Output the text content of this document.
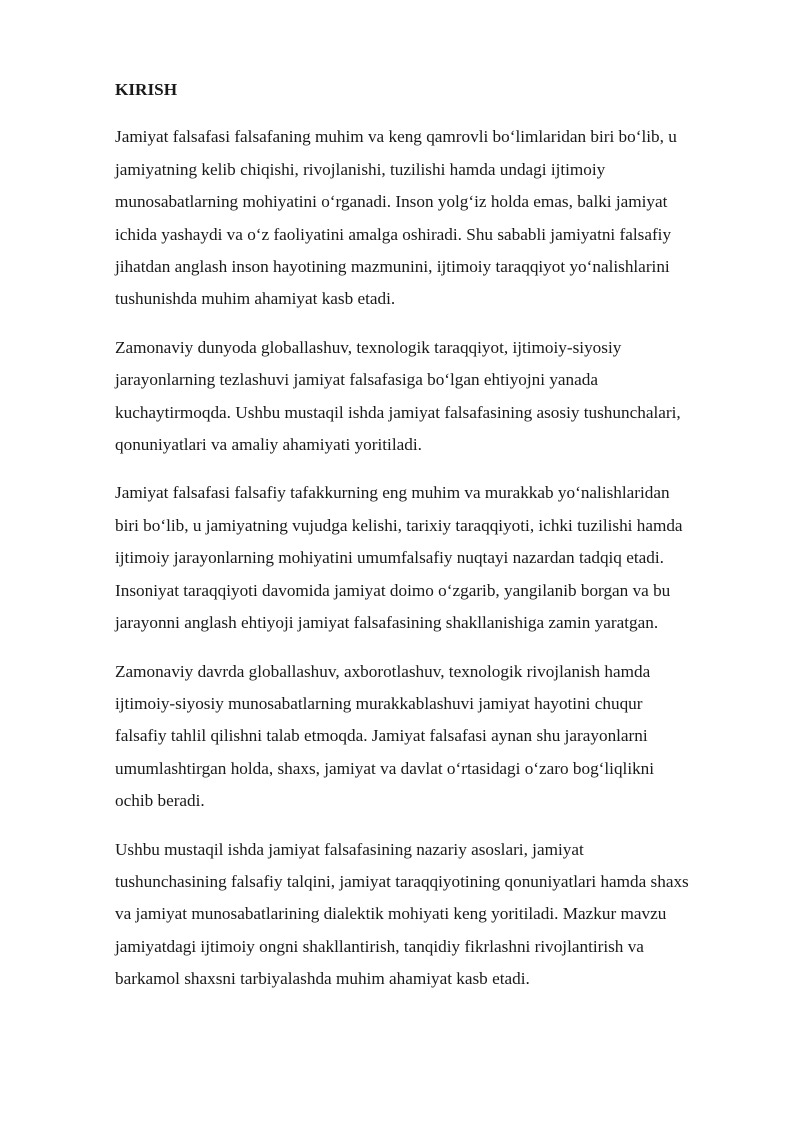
KIRISH
Jamiyat falsafasi falsafaning muhim va keng qamrovli boʻlimlaridan biri boʻlib, u
jamiyatning kelib chiqishi, rivojlanishi, tuzilishi hamda undagi ijtimoiy
munosabatlarning mohiyatini oʻrganadi. Inson yolgʻiz holda emas, balki jamiyat
ichida yashaydi va oʻz faoliyatini amalga oshiradi. Shu sababli jamiyatni falsafiy
jihatdan anglash inson hayotining mazmunini, ijtimoiy taraqqiyot yoʻnalishlarini
tushunishda muhim ahamiyat kasb etadi.
Zamonaviy dunyoda globallashuv, texnologik taraqqiyot, ijtimoiy-siyosiy
jarayonlarning tezlashuvi jamiyat falsafasiga boʻlgan ehtiyojni yanada
kuchaytirmoqda. Ushbu mustaqil ishda jamiyat falsafasining asosiy tushunchalari,
qonuniyatlari va amaliy ahamiyati yoritiladi.
Jamiyat falsafasi falsafiy tafakkurning eng muhim va murakkab yoʻnalishlaridan
biri boʻlib, u jamiyatning vujudga kelishi, tarixiy taraqqiyoti, ichki tuzilishi hamda
ijtimoiy jarayonlarning mohiyatini umumfalsafiy nuqtayi nazardan tadqiq etadi.
Insoniyat taraqqiyoti davomida jamiyat doimo oʻzgarib, yangilanib borgan va bu
jarayonni anglash ehtiyoji jamiyat falsafasining shakllanishiga zamin yaratgan.
Zamonaviy davrda globallashuv, axborotlashuv, texnologik rivojlanish hamda
ijtimoiy-siyosiy munosabatlarning murakkablashuvi jamiyat hayotini chuqur
falsafiy tahlil qilishni talab etmoqda. Jamiyat falsafasi aynan shu jarayonlarni
umumlashtirgan holda, shaxs, jamiyat va davlat oʻrtasidagi oʻzaro bogʻliqlikni
ochib beradi.
Ushbu mustaqil ishda jamiyat falsafasining nazariy asoslari, jamiyat
tushunchasining falsafiy talqini, jamiyat taraqqiyotining qonuniyatlari hamda shaxs
va jamiyat munosabatlarining dialektik mohiyati keng yoritiladi. Mazkur mavzu
jamiyatdagi ijtimoiy ongni shakllantirish, tanqidiy fikrlashni rivojlantirish va
barkamol shaxsni tarbiyalashda muhim ahamiyat kasb etadi.
